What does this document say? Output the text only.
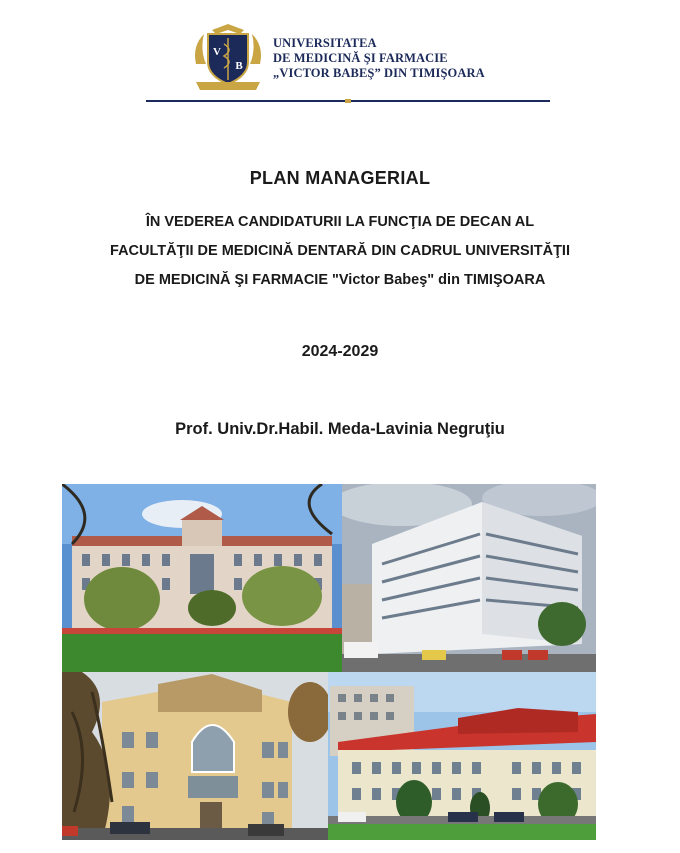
V
B
UNIVERSITATEA
DE MEDICINĂ ŞI FARMACIE
„VICTOR BABEŞ” DIN TIMIŞOARA
PLAN MANAGERIAL
ÎN VEDEREA CANDIDATURII LA FUNCŢIA DE DECAN AL
FACULTĂŢII DE MEDICINĂ DENTARĂ DIN CADRUL UNIVERSITĂŢII
DE MEDICINĂ ŞI FARMACIE "Victor Babeş" din TIMIŞOARA
2024-2029
Prof. Univ.Dr.Habil. Meda-Lavinia Negruţiu
